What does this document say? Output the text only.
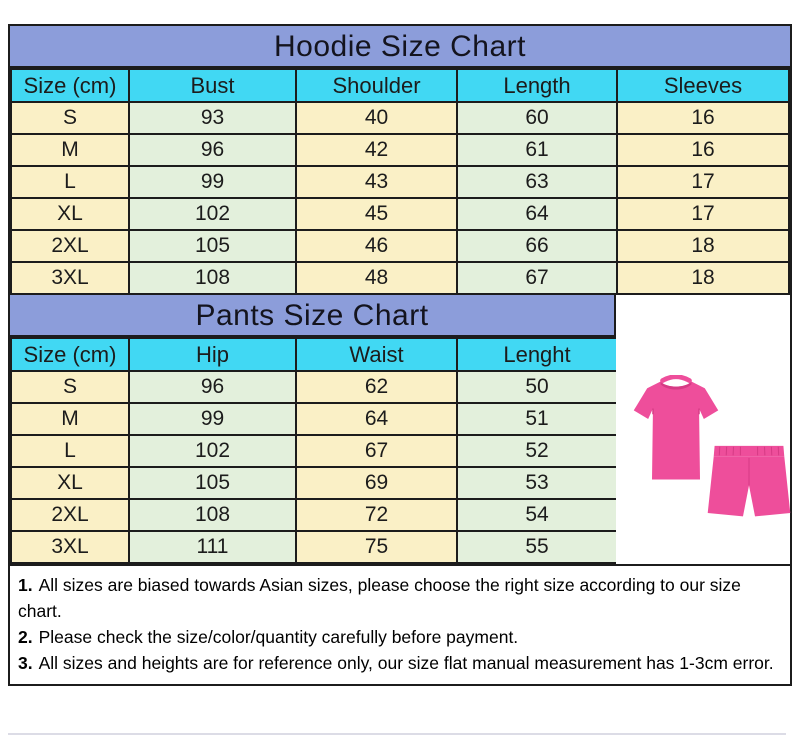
Hoodie Size Chart
Size (cm)	Bust	Shoulder	Length	Sleeves
S	93	40	60	16
M	96	42	61	16
L	99	43	63	17
XL	102	45	64	17
2XL	105	46	66	18
3XL	108	48	67	18
Pants Size Chart
Size (cm)	Hip	Waist	Lenght
S	96	62	50
M	99	64	51
L	102	67	52
XL	105	69	53
2XL	108	72	54
3XL	111	75	55

1. All sizes are biased towards Asian sizes, please choose the right size according to our size chart.

2. Please check the size/color/quantity carefully before payment.

3. All sizes and heights are for reference only, our size flat manual measurement has 1-3cm error.
